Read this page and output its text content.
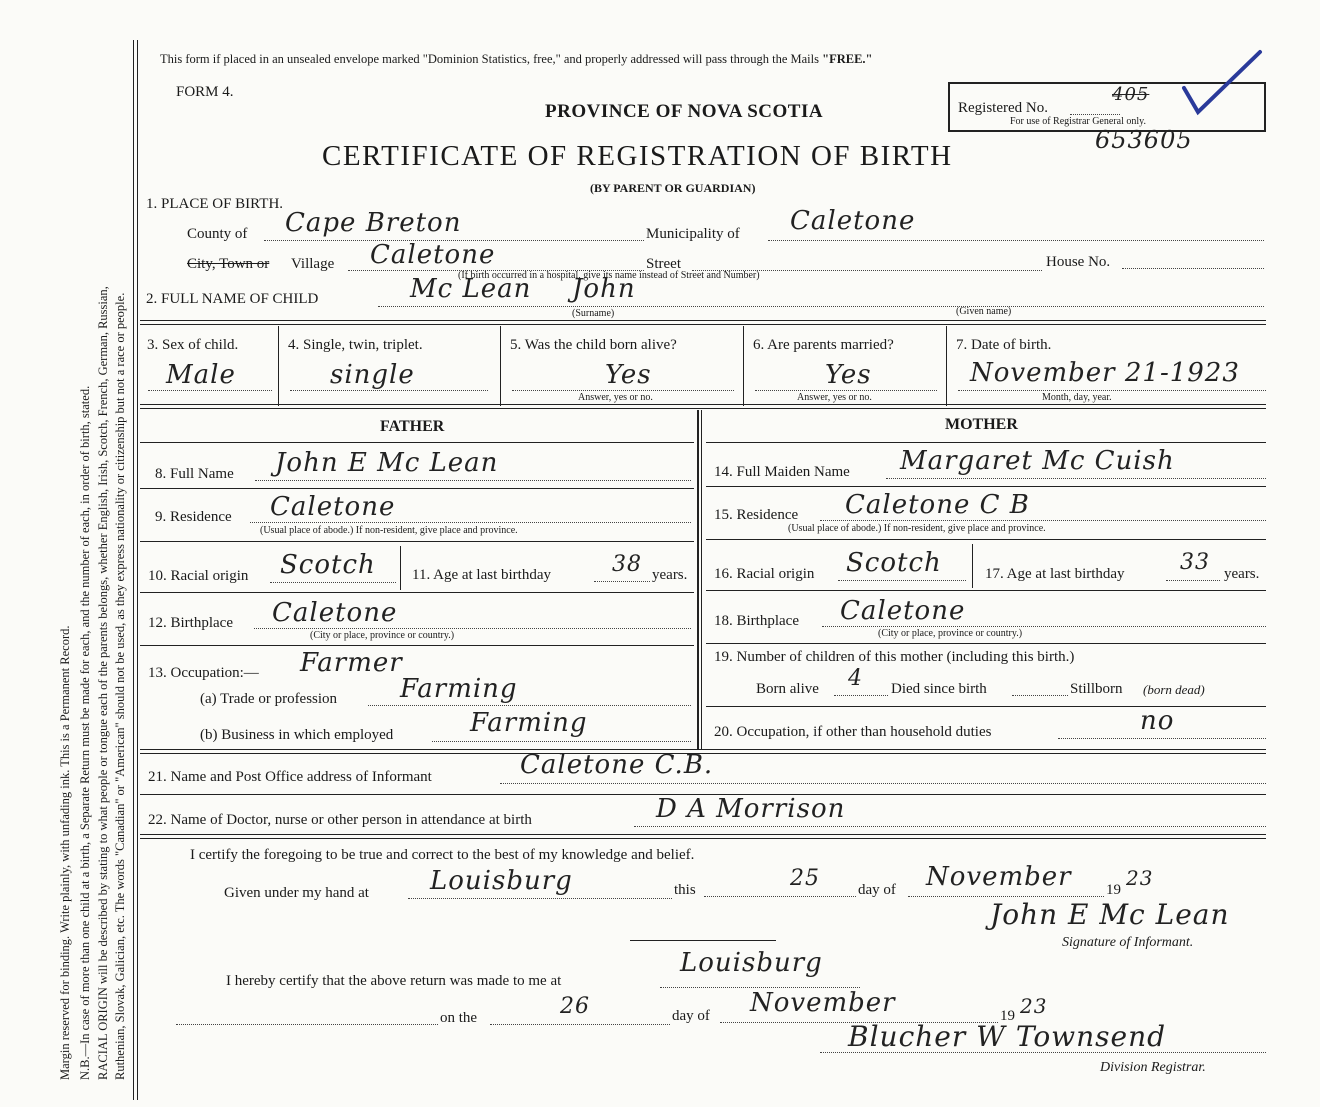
Margin reserved for binding. Write plainly, with unfading ink. This is a Permanent Record. N.B.—In case of more than one child at a birth, a Separate Return must be made for each, and the number of each, in order of birth, stated. RACIAL ORIGIN will be described by stating to what people or tongue each of the parents belongs, whether English, Irish, Scotch, French, German, Russian, Ruthenian, Slovak, Galician, etc. The words "Canadian" or "American" should not be used, as they express nationality or citizenship but not a race or people.
This form if placed in an unsealed envelope marked "Dominion Statistics, free," and properly addressed will pass through the Mails "FREE."
FORM 4.
PROVINCE OF NOVA SCOTIA
CERTIFICATE OF REGISTRATION OF BIRTH
(BY PARENT OR GUARDIAN)
Registered No.
405
For use of Registrar General only.
653605
1. PLACE OF BIRTH.
County of Cape Breton	Municipality of Caletone
City, Town or Village Caletone	Street	House No.
(If birth occurred in a hospital, give its name instead of Street and Number)
2. FULL NAME OF CHILD	Mc Lean John
(Surname)	(Given name)
3. Sex of child.
Male
4. Single, twin, triplet.
single
5. Was the child born alive?
Yes
Answer, yes or no.
6. Are parents married?
Yes
Answer, yes or no.
7. Date of birth.
November 21-1923
Month, day, year.
FATHER	MOTHER
8. Full Name John E Mc Lean
9. Residence Caletone
(Usual place of abode.) If non-resident, give place and province.
10. Racial origin Scotch 11. Age at last birthday	38 years.
12. Birthplace Caletone
(City or place, province or country.)
13. Occupation:— Farmer
(a) Trade or profession Farming
(b) Business in which employed	Farming
14. Full Maiden Name Margaret Mc Cuish
15. Residence Caletone C B
(Usual place of abode.) If non-resident, give place and province.
16. Racial origin Scotch	17. Age at last birthday	33 years.
18. Birthplace Caletone
(City or place, province or country.)
19. Number of children of this mother (including this birth.)
Born alive 4 Died since birth	Stillborn (born dead)
20. Occupation, if other than household duties	no
21. Name and Post Office address of Informant	Caletone C.B.
22. Name of Doctor, nurse or other person in attendance at birth	D A Morrison
I certify the foregoing to be true and correct to the best of my knowledge and belief.
Given under my hand at Louisburg	this	25	day of November 19 23
John E Mc Lean
Signature of Informant.
I hereby certify that the above return was made to me at
Louisburg
on the	26	day of November	19 23
Blucher W Townsend
Division Registrar.
